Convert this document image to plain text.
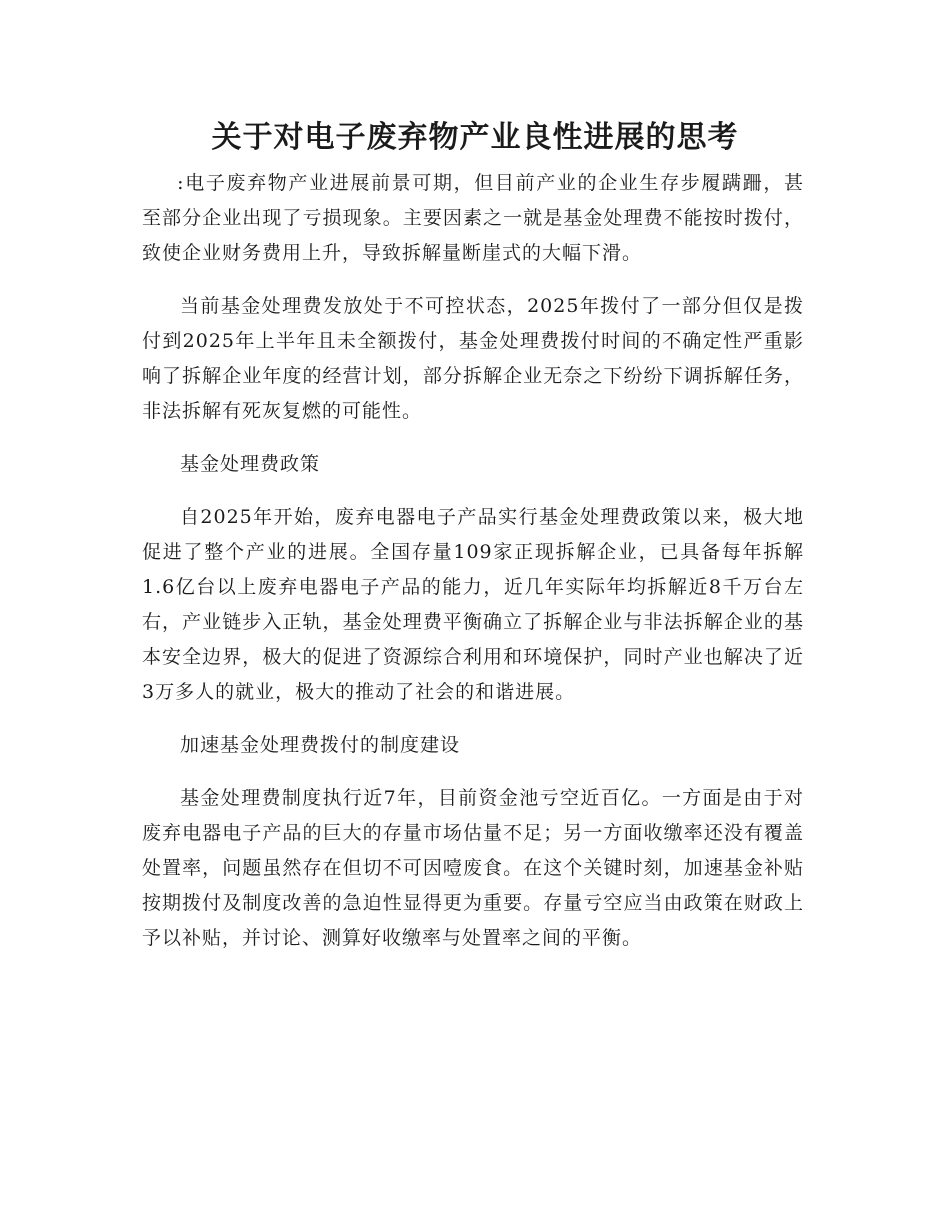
关于对电子废弃物产业良性进展的思考

:电子废弃物产业进展前景可期，但目前产业的企业生存步履蹒跚，甚至部分企业出现了亏损现象。主要因素之一就是基金处理费不能按时拨付，致使企业财务费用上升，导致拆解量断崖式的大幅下滑。

当前基金处理费发放处于不可控状态，2025年拨付了一部分但仅是拨付到2025年上半年且未全额拨付，基金处理费拨付时间的不确定性严重影响了拆解企业年度的经营计划，部分拆解企业无奈之下纷纷下调拆解任务，非法拆解有死灰复燃的可能性。

基金处理费政策

自2025年开始，废弃电器电子产品实行基金处理费政策以来，极大地促进了整个产业的进展。全国存量109家正现拆解企业，已具备每年拆解1.6亿台以上废弃电器电子产品的能力，近几年实际年均拆解近8千万台左右，产业链步入正轨，基金处理费平衡确立了拆解企业与非法拆解企业的基本安全边界，极大的促进了资源综合利用和环境保护，同时产业也解决了近3万多人的就业，极大的推动了社会的和谐进展。

加速基金处理费拨付的制度建设

基金处理费制度执行近7年，目前资金池亏空近百亿。一方面是由于对废弃电器电子产品的巨大的存量市场估量不足；另一方面收缴率还没有覆盖处置率，问题虽然存在但切不可因噎废食。在这个关键时刻，加速基金补贴按期拨付及制度改善的急迫性显得更为重要。存量亏空应当由政策在财政上予以补贴，并讨论、测算好收缴率与处置率之间的平衡。
